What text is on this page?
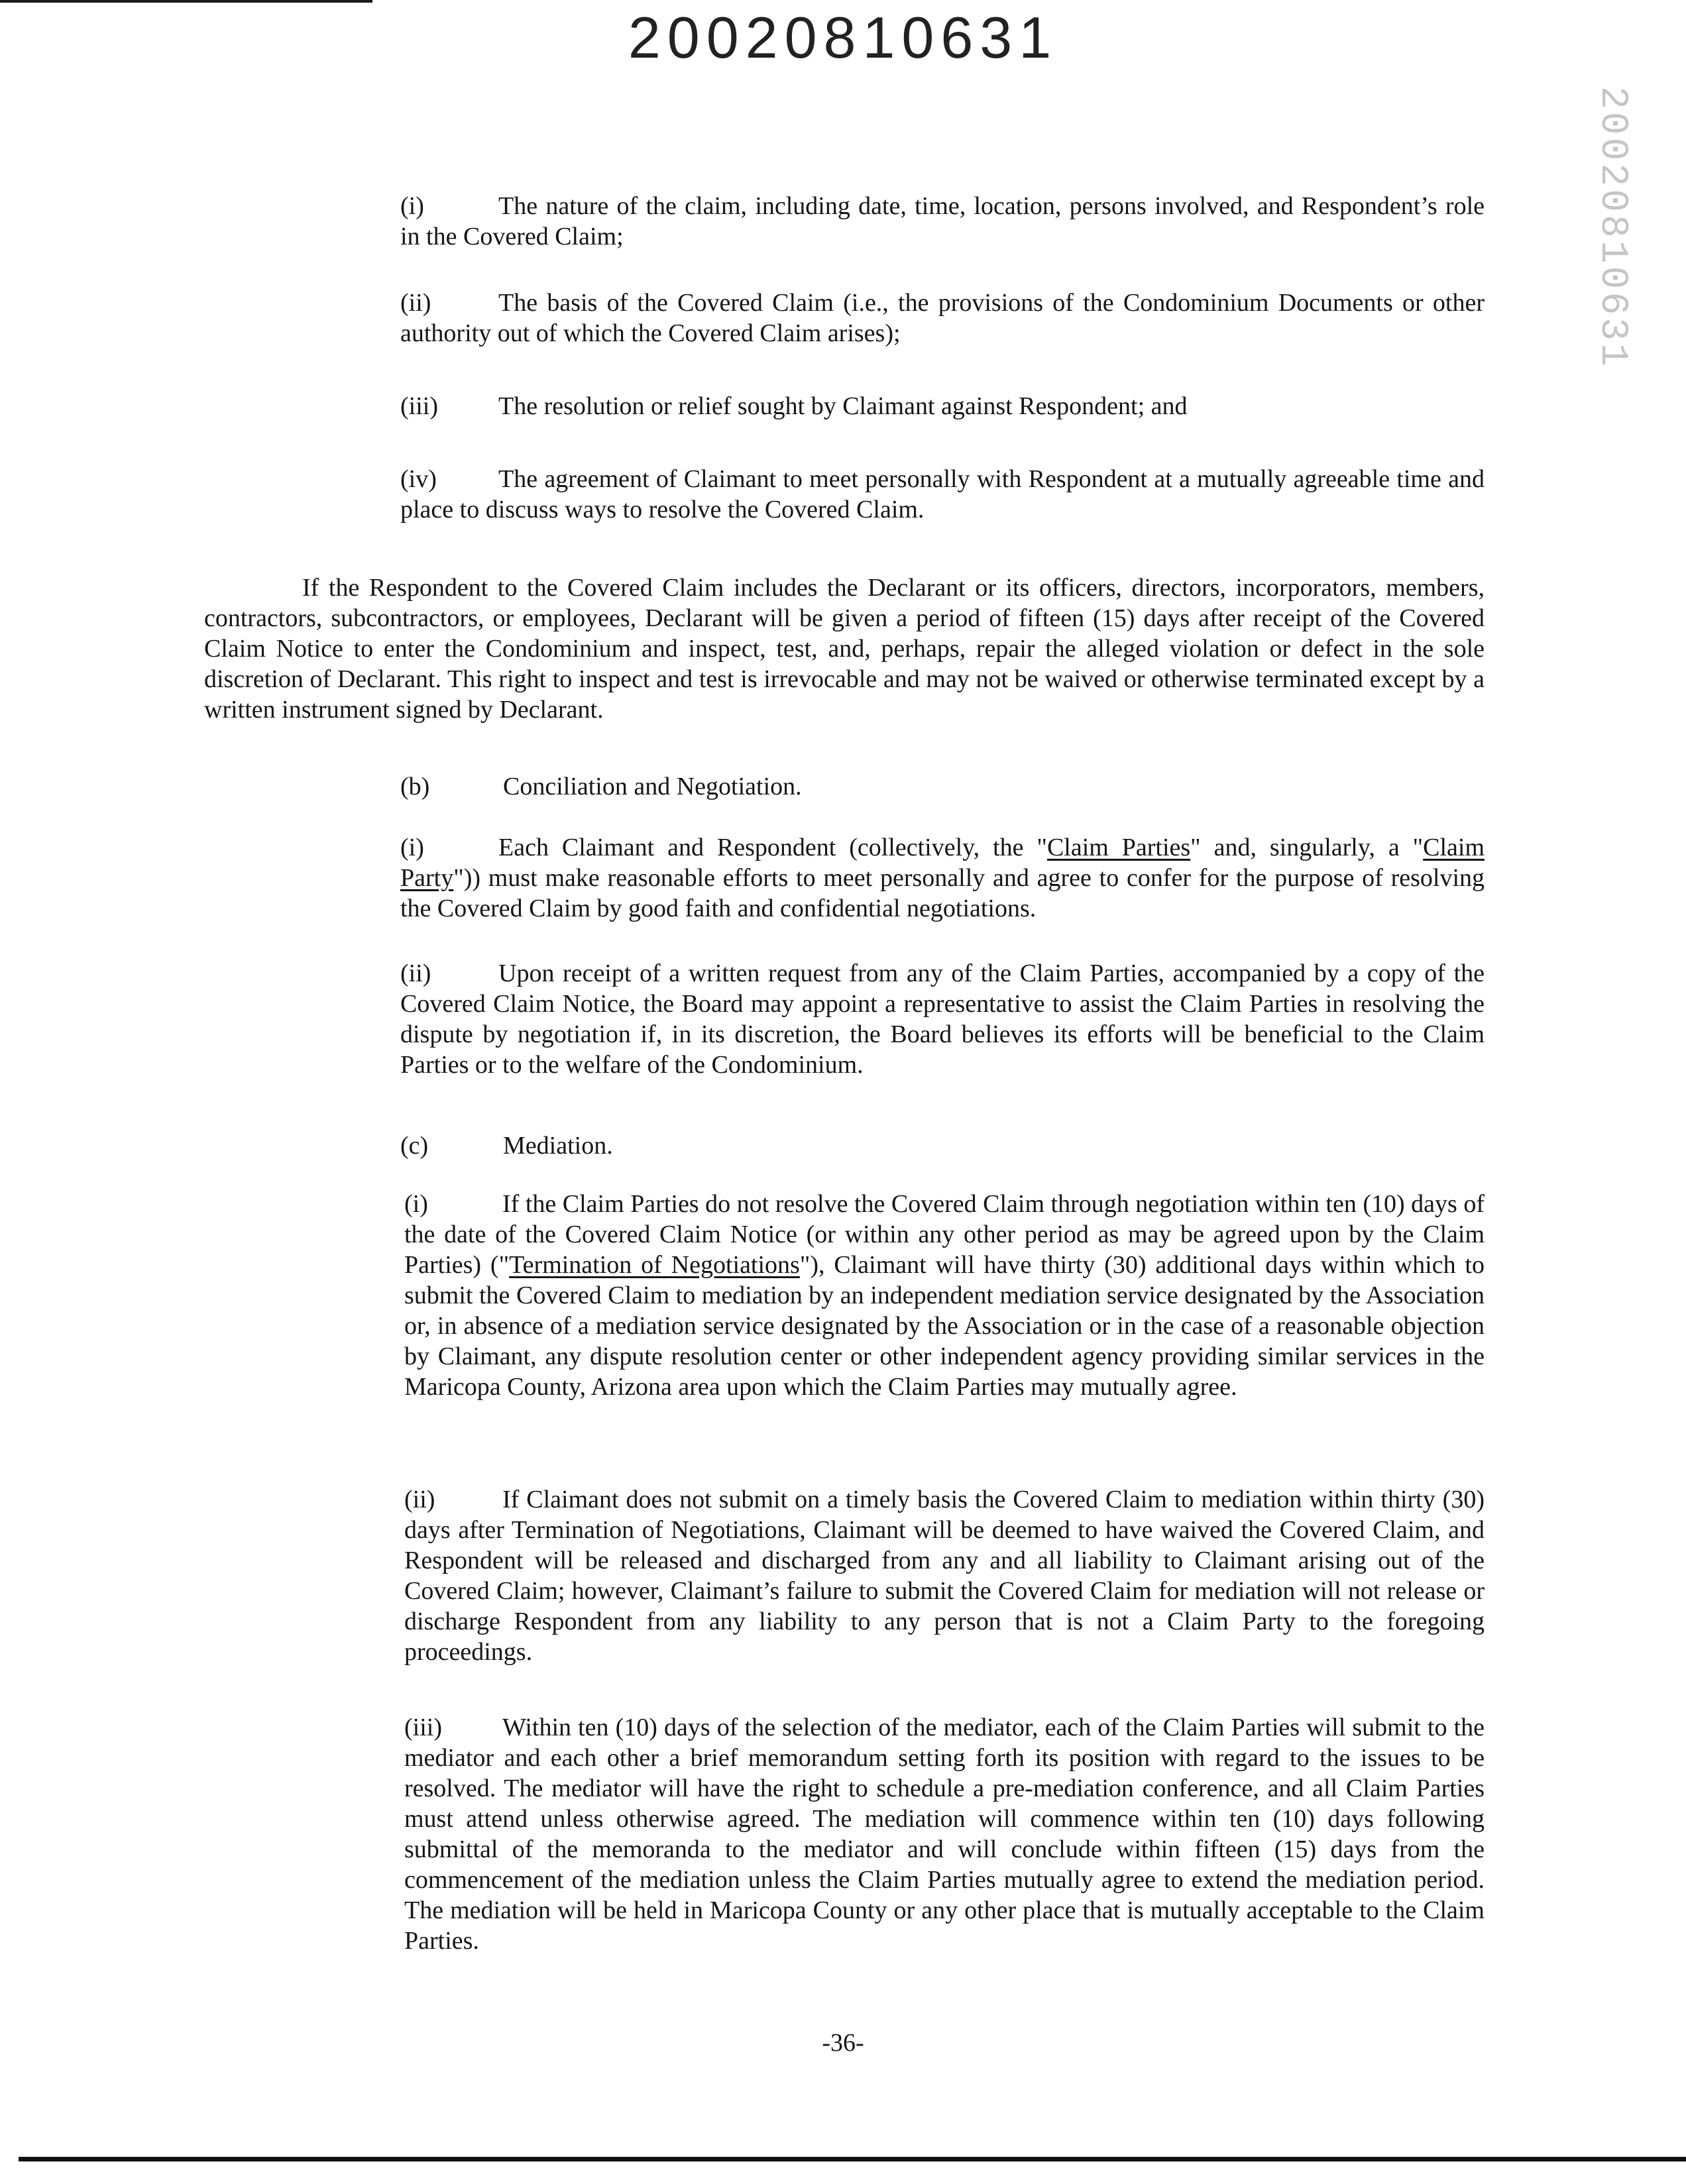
20020810631
20020810631
(i)	The nature of the claim, including date, time, location, persons involved, and Respondent’s role in the Covered Claim;
(ii)	The basis of the Covered Claim (i.e., the provisions of the Condominium Documents or other authority out of which the Covered Claim arises);
(iii) The resolution or relief sought by Claimant against Respondent; and
(iv) The agreement of Claimant to meet personally with Respondent at a mutually agreeable time and place to discuss ways to resolve the Covered Claim.
If the Respondent to the Covered Claim includes the Declarant or its officers, directors, incorporators, members, contractors, subcontractors, or employees, Declarant will be given a period of fifteen (15) days after receipt of the Covered Claim Notice to enter the Condominium and inspect, test, and, perhaps, repair the alleged violation or defect in the sole discretion of Declarant. This right to inspect and test is irrevocable and may not be waived or otherwise terminated except by a written instrument signed by Declarant.
(b)	Conciliation and Negotiation.
(i)	Each Claimant and Respondent (collectively, the "Claim Parties" and, singularly, a "Claim Party")) must make reasonable efforts to meet personally and agree to confer for the purpose of resolving the Covered Claim by good faith and confidential negotiations.
(ii)	Upon receipt of a written request from any of the Claim Parties, accompanied by a copy of the Covered Claim Notice, the Board may appoint a representative to assist the Claim Parties in resolving the dispute by negotiation if, in its discretion, the Board believes its efforts will be beneficial to the Claim Parties or to the welfare of the Condominium.
(c)	Mediation.
(i)	If the Claim Parties do not resolve the Covered Claim through negotiation within ten (10) days of the date of the Covered Claim Notice (or within any other period as may be agreed upon by the Claim Parties) ("Termination of Negotiations"), Claimant will have thirty (30) additional days within which to submit the Covered Claim to mediation by an independent mediation service designated by the Association or, in absence of a mediation service designated by the Association or in the case of a reasonable objection by Claimant, any dispute resolution center or other independent agency providing similar services in the Maricopa County, Arizona area upon which the Claim Parties may mutually agree.
(ii)	If Claimant does not submit on a timely basis the Covered Claim to mediation within thirty (30) days after Termination of Negotiations, Claimant will be deemed to have waived the Covered Claim, and Respondent will be released and discharged from any and all liability to Claimant arising out of the Covered Claim; however, Claimant’s failure to submit the Covered Claim for mediation will not release or discharge Respondent from any liability to any person that is not a Claim Party to the foregoing proceedings.
(iii) Within ten (10) days of the selection of the mediator, each of the Claim Parties will submit to the mediator and each other a brief memorandum setting forth its position with regard to the issues to be resolved. The mediator will have the right to schedule a pre-mediation conference, and all Claim Parties must attend unless otherwise agreed. The mediation will commence within ten (10) days following submittal of the memoranda to the mediator and will conclude within fifteen (15) days from the commencement of the mediation unless the Claim Parties mutually agree to extend the mediation period. The mediation will be held in Maricopa County or any other place that is mutually acceptable to the Claim Parties.
-36-
